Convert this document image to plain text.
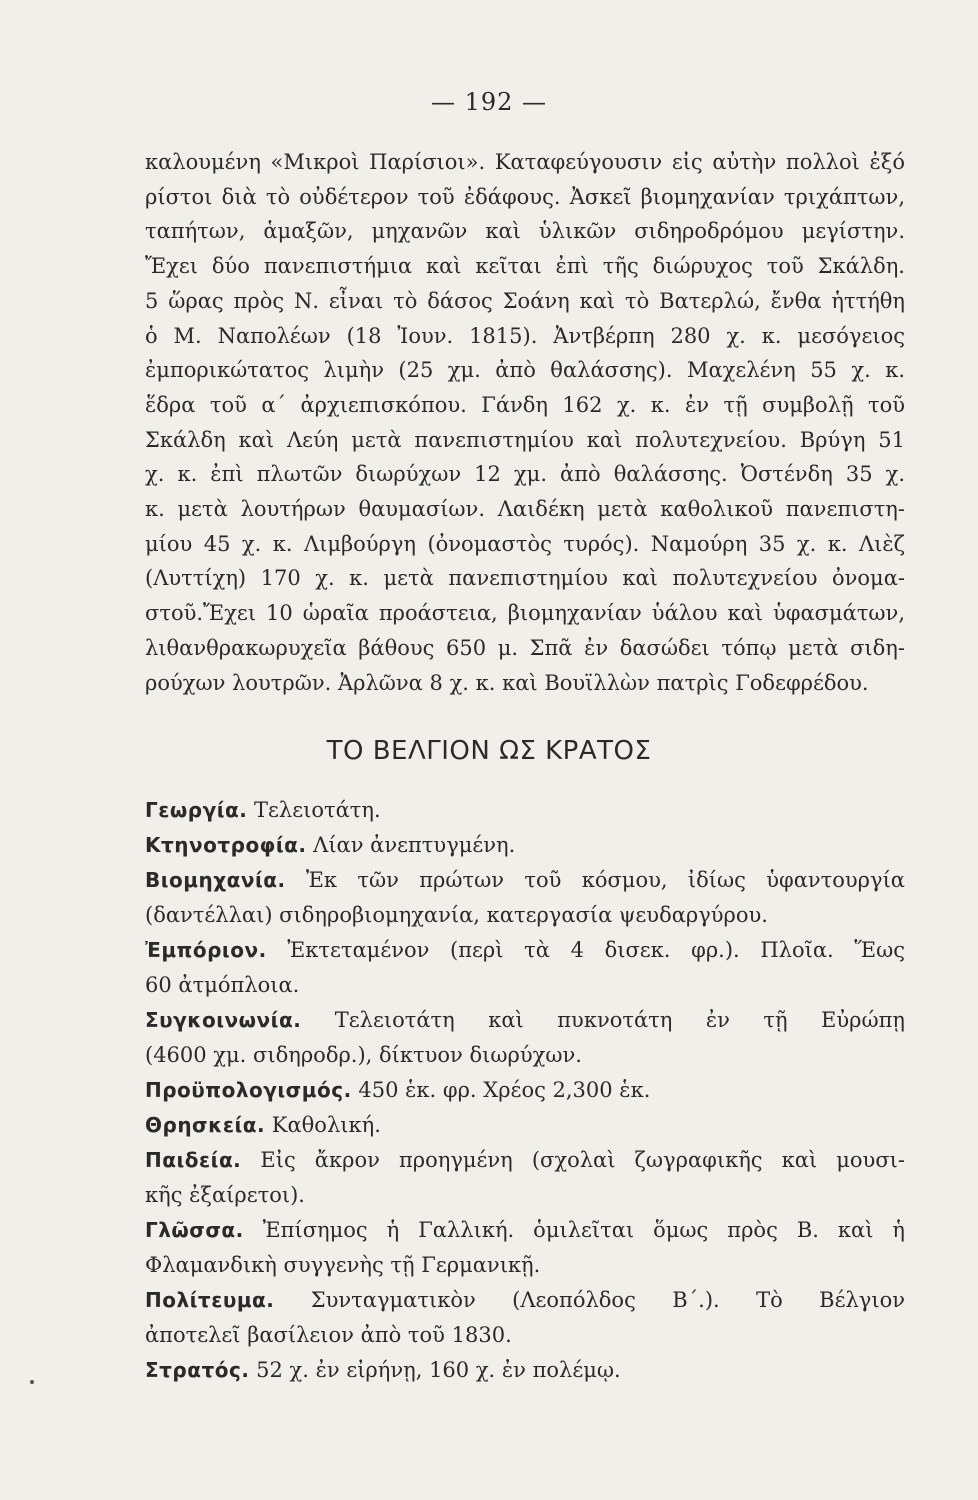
— 192 —
καλουμένη «Μικροὶ Παρίσιοι». Καταφεύγουσιν εἰς αὐτὴν πολλοὶ ἐξό
ρίστοι διὰ τὸ οὐδέτερον τοῦ ἐδάφους. Ἀσκεῖ βιομηχανίαν τριχάπτων,
ταπήτων, ἁμαξῶν, μηχανῶν καὶ ὑλικῶν σιδηροδρόμου μεγίστην.
Ἔχει δύο πανεπιστήμια καὶ κεῖται ἐπὶ τῆς διώρυχος τοῦ Σκάλδη.
5 ὥρας πρὸς Ν. εἶναι τὸ δάσος Σοάνη καὶ τὸ Βατερλώ, ἔνθα ἡττήθη
ὁ Μ. Ναπολέων (18 Ἰουν. 1815). Ἀντβέρπη 280 χ. κ. μεσόγειος
ἐμπορικώτατος λιμὴν (25 χμ. ἀπὸ θαλάσσης). Μαχελένη 55 χ. κ.
ἕδρα τοῦ α΄ ἀρχιεπισκόπου. Γάνδη 162 χ. κ. ἐν τῇ συμβολῇ τοῦ
Σκάλδη καὶ Λεύη μετὰ πανεπιστημίου καὶ πολυτεχνείου. Βρύγη 51
χ. κ. ἐπὶ πλωτῶν διωρύχων 12 χμ. ἀπὸ θαλάσσης. Ὀστένδη 35 χ.
κ. μετὰ λουτήρων θαυμασίων. Λαιδέκη μετὰ καθολικοῦ πανεπιστη-
μίου 45 χ. κ. Λιμβούργη (ὀνομαστὸς τυρός). Ναμούρη 35 χ. κ. Λιὲζ
(Λυττίχη) 170 χ. κ. μετὰ πανεπιστημίου καὶ πολυτεχνείου ὀνομα-
στοῦ.Ἔχει 10 ὡραῖα προάστεια, βιομηχανίαν ὑάλου καὶ ὑφασμάτων,
λιθανθρακωρυχεῖα βάθους 650 μ. Σπᾶ ἐν δασώδει τόπῳ μετὰ σιδη-
ρούχων λουτρῶν. Ἀρλῶνα 8 χ. κ. καὶ Βουϊλλὼν πατρὶς Γοδεφρέδου.
ΤΟ ΒΕΛΓΙΟΝ ΩΣ ΚΡΑΤΟΣ
Γεωργία. Τελειοτάτη.
Κτηνοτροφία. Λίαν ἀνεπτυγμένη.
Βιομηχανία. Ἐκ τῶν πρώτων τοῦ κόσμου, ἰδίως ὑφαντουργία
(δαντέλλαι) σιδηροβιομηχανία, κατεργασία ψευδαργύρου.
Ἐμπόριον. Ἐκτεταμένον (περὶ τὰ 4 δισεκ. φρ.). Πλοῖα. Ἕως
60 ἀτμόπλοια.
Συγκοινωνία. Τελειοτάτη καὶ πυκνοτάτη ἐν τῇ Εὐρώπῃ
(4600 χμ. σιδηροδρ.), δίκτυον διωρύχων.
Προϋπολογισμός. 450 ἑκ. φρ. Χρέος 2,300 ἑκ.
Θρησκεία. Καθολική.
Παιδεία. Εἰς ἄκρον προηγμένη (σχολαὶ ζωγραφικῆς καὶ μουσι-
κῆς ἐξαίρετοι).
Γλῶσσα. Ἐπίσημος ἡ Γαλλική. ὁμιλεῖται ὅμως πρὸς Β. καὶ ἡ
Φλαμανδικὴ συγγενὴς τῇ Γερμανικῇ.
Πολίτευμα. Συνταγματικὸν (Λεοπόλδος Β΄.). Τὸ Βέλγιον
ἀποτελεῖ βασίλειον ἀπὸ τοῦ 1830.
Στρατός. 52 χ. ἐν εἰρήνῃ, 160 χ. ἐν πολέμῳ.
